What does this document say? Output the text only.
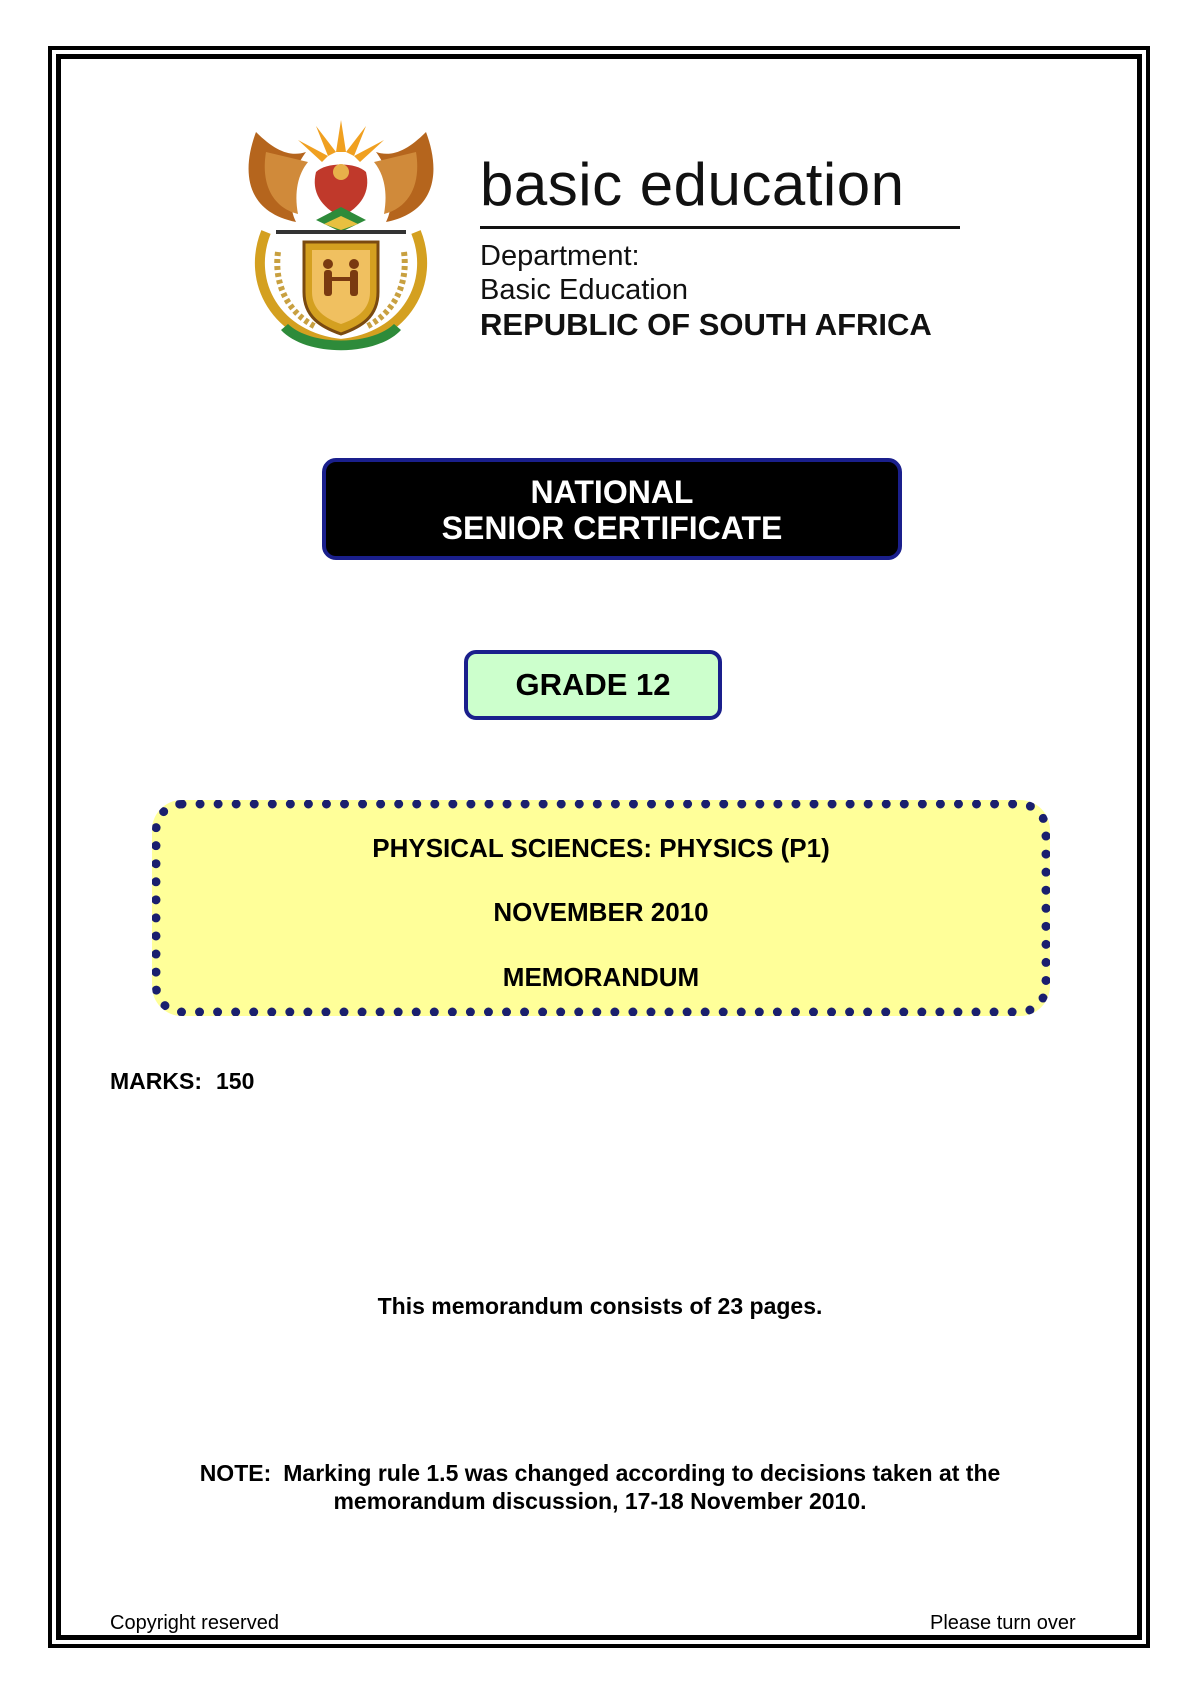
basic education

Department:

Basic Education

REPUBLIC OF SOUTH AFRICA

NATIONAL
SENIOR CERTIFICATE
GRADE 12
PHYSICAL SCIENCES: PHYSICS (P1)
NOVEMBER 2010
MEMORANDUM
MARKS: 150
This memorandum consists of 23 pages.
NOTE: Marking rule 1.5 was changed according to decisions taken at the memorandum discussion, 17-18 November 2010.
Copyright reserved	Please turn over
